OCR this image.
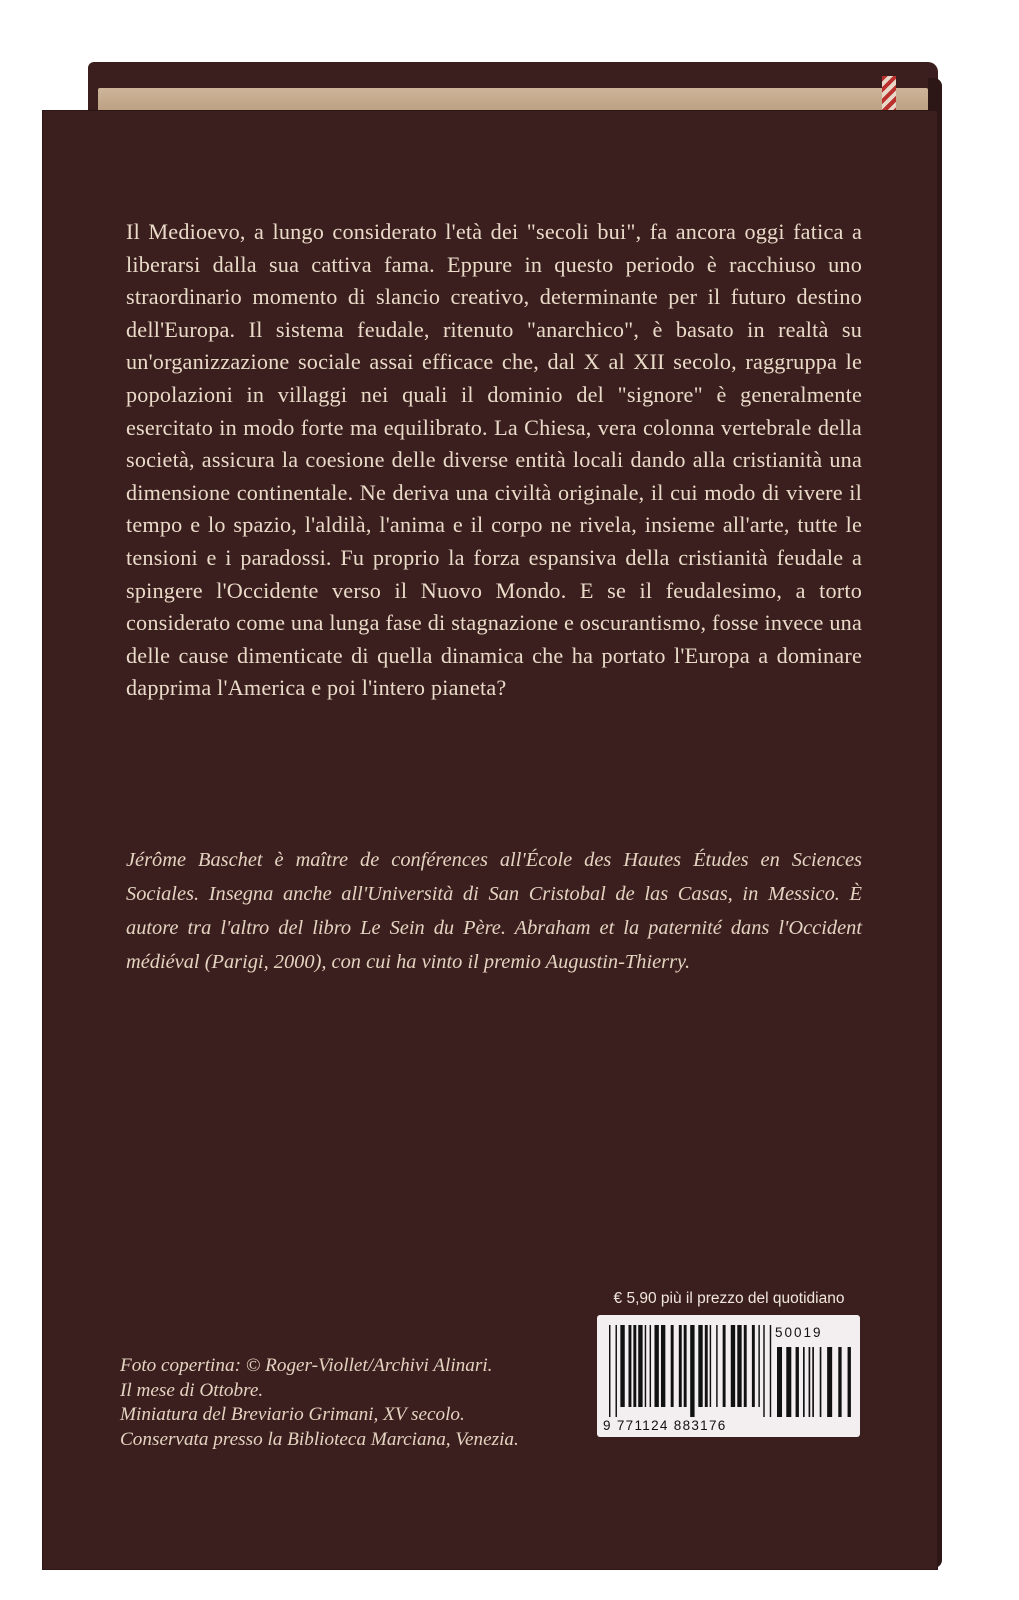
Il Medioevo, a lungo considerato l'età dei "secoli bui", fa ancora oggi fatica a liberarsi dalla sua cattiva fama. Eppure in questo periodo è racchiuso uno straordinario momento di slancio creativo, determinante per il futuro destino dell'Europa. Il sistema feudale, ritenuto "anarchico", è basato in realtà su un'organizzazione sociale assai efficace che, dal X al XII secolo, raggruppa le popolazioni in villaggi nei quali il dominio del "signore" è generalmente esercitato in modo forte ma equilibrato. La Chiesa, vera colonna vertebrale della società, assicura la coesione delle diverse entità locali dando alla cristianità una dimensione continentale. Ne deriva una civiltà originale, il cui modo di vivere il tempo e lo spazio, l'aldilà, l'anima e il corpo ne rivela, insieme all'arte, tutte le tensioni e i paradossi. Fu proprio la forza espansiva della cristianità feudale a spingere l'Occidente verso il Nuovo Mondo. E se il feudalesimo, a torto considerato come una lunga fase di stagnazione e oscurantismo, fosse invece una delle cause dimenticate di quella dinamica che ha portato l'Europa a dominare dapprima l'America e poi l'intero pianeta?

Jérôme Baschet è maître de conférences all'École des Hautes Études en Sciences Sociales. Insegna anche all'Università di San Cristobal de las Casas, in Messico. È autore tra l'altro del libro Le Sein du Père. Abraham et la paternité dans l'Occident médiéval (Parigi, 2000), con cui ha vinto il premio Augustin-Thierry.

€ 5,90 più il prezzo del quotidiano
9 771124 883176
50019
Foto copertina: © Roger-Viollet/Archivi Alinari.
Il mese di Ottobre.
Miniatura del Breviario Grimani, XV secolo.
Conservata presso la Biblioteca Marciana, Venezia.
